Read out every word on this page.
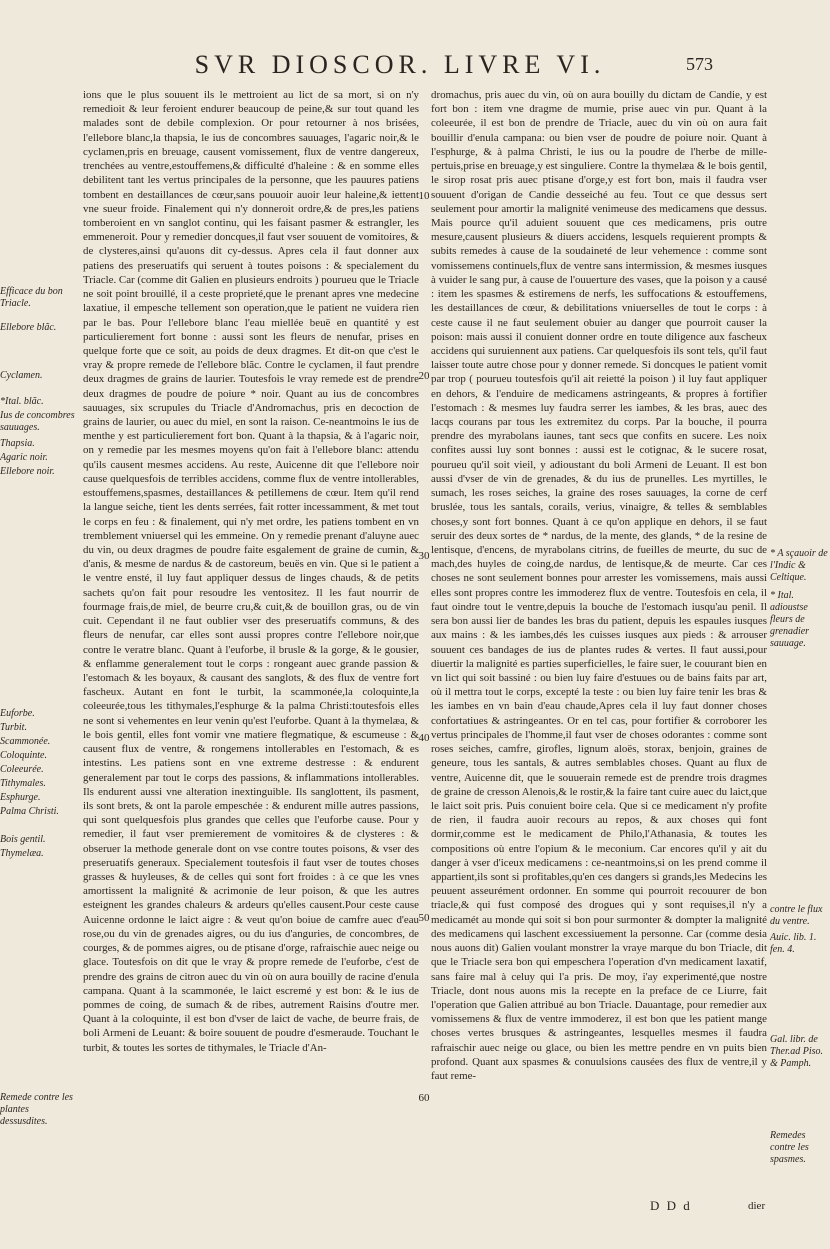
SVR DIOSCOR. LIVRE VI.	573
Efficace du bon Triacle.
Ellebore blãc.
Cyclamen.
*Ital. blãc.
Ius de concombres sauuages.
Thapsia.
Agaric noir.
Ellebore noir.
Euforbe.
Turbit.
Scammonée.
Coloquinte.
Coleeurée.
Tithymales.
Esphurge.
Palma Christi.
Bois gentil.
Thymelæa.
Remede contre les plantes dessusdites.

ions que le plus souuent ils le mettroient au lict de sa mort, si on n'y remedioit & leur feroient endurer beaucoup de peine,& sur tout quand les malades sont de debile complexion. Or pour retourner à nos brisées, l'ellebore blanc,la thapsia, le ius de concombres sauuages, l'agaric noir,& le cyclamen,pris en breuage, causent vomissement, flux de ventre dangereux, trenchées au ventre,estouffemens,& difficulté d'haleine : & en somme elles debilitent tant les vertus principales de la personne, que les pauures patiens tombent en destaillances de cœur,sans pouuoir auoir leur haleine,& iettent vne sueur froide. Finalement qui n'y donneroit ordre,& de pres,les patiens tomberoient en vn sanglot continu, qui les faisant pasmer & estrangler, les emmeneroit. Pour y remedier doncques,il faut vser souuent de vomitoires, & de clysteres,ainsi qu'auons dit cy-dessus. Apres cela il faut donner aux patiens des preseruatifs qui seruent à toutes poisons : & specialement du Triacle. Car (comme dit Galien en plusieurs endroits ) pourueu que le Triacle ne soit point brouillé, il a ceste proprieté,que le prenant apres vne medecine laxatiue, il empesche tellement son operation,que le patient ne vuidera rien par le bas. Pour l'ellebore blanc l'eau miellée beuë en quantité y est particulierement fort bonne : aussi sont les fleurs de nenufar, prises en quelque forte que ce soit, au poids de deux dragmes. Et dit-on que c'est le vray & propre remede de l'ellebore blãc. Contre le cyclamen, il faut prendre deux dragmes de grains de laurier. Toutesfois le vray remede est de prendre deux dragmes de poudre de poiure * noir. Quant au ius de concombres sauuages, six scrupules du Triacle d'Andromachus, pris en decoction de grains de laurier, ou auec du miel, en sont la raison. Ce-neantmoins le ius de menthe y est particulierement fort bon. Quant à la thapsia, & à l'agaric noir, on y remedie par les mesmes moyens qu'on fait à l'ellebore blanc: attendu qu'ils causent mesmes accidens. Au reste, Auicenne dit que l'ellebore noir cause quelquesfois de terribles accidens, comme flux de ventre intollerables, estouffemens,spasmes, destaillances & petillemens de cœur. Item qu'il rend la langue seiche, tient les dents serrées, fait rotter incessamment, & met tout le corps en feu : & finalement, qui n'y met ordre, les patiens tombent en vn tremblement vniuersel qui les emmeine. On y remedie prenant d'aluyne auec du vin, ou deux dragmes de poudre faite esgalement de graine de cumin, & d'anis, & mesme de nardus & de castoreum, beuës en vin. Que si le patient a le ventre ensté, il luy faut appliquer dessus de linges chauds, & de petits sachets qu'on fait pour resoudre les ventositez. Il les faut nourrir de fourmage frais,de miel, de beurre cru,& cuit,& de bouillon gras, ou de vin cuit. Cependant il ne faut oublier vser des preseruatifs communs, & des fleurs de nenufar, car elles sont aussi propres contre l'ellebore noir,que contre le veratre blanc. Quant à l'euforbe, il brusle & la gorge, & le gousier, & enflamme generalement tout le corps : rongeant auec grande passion & l'estomach & les boyaux, & causant des sanglots, & des flux de ventre fort fascheux. Autant en font le turbit, la scammonée,la coloquinte,la coleeurée,tous les tithymales,l'esphurge & la palma Christi:toutesfois elles ne sont si vehementes en leur venin qu'est l'euforbe. Quant à la thymelæa, & le bois gentil, elles font vomir vne matiere flegmatique, & escumeuse : & causent flux de ventre, & rongemens intollerables en l'estomach, & es intestins. Les patiens sont en vne extreme destresse : & endurent generalement par tout le corps des passions, & inflammations intollerables. Ils endurent aussi vne alteration inextinguible. Ils sanglottent, ils pasment, ils sont brets, & ont la parole empeschée : & endurent mille autres passions, qui sont quelquesfois plus grandes que celles que l'euforbe cause. Pour y remedier, il faut vser premierement de vomitoires & de clysteres : & obseruer la methode generale dont on vse contre toutes poisons, & vser des preseruatifs generaux. Specialement toutesfois il faut vser de toutes choses grasses & huyleuses, & de celles qui sont fort froides : à ce que les vnes amortissent la malignité & acrimonie de leur poison, & que les autres esteignent les grandes chaleurs & ardeurs qu'elles causent.Pour ceste cause Auicenne ordonne le laict aigre : & veut qu'on boiue de camfre auec d'eau rose,ou du vin de grenades aigres, ou du ius d'anguries, de concombres, de courges, & de pommes aigres, ou de ptisane d'orge, rafraischie auec neige ou glace. Toutesfois on dit que le vray & propre remede de l'euforbe, c'est de prendre des grains de citron auec du vin où on aura bouilly de racine d'enula campana. Quant à la scammonée, le laict escremé y est bon: & le ius de pommes de coing, de sumach & de ribes, autrement Raisins d'outre mer. Quant à la coloquinte, il est bon d'vser de laict de vache, de beurre frais, de boli Armeni de Leuant: & boire souuent de poudre d'esmeraude. Touchant le turbit, & toutes les sortes de tithymales, le Triacle d'An-

10
20
30
40
50
60

dromachus, pris auec du vin, où on aura bouilly du dictam de Candie, y est fort bon : item vne dragme de mumie, prise auec vin pur. Quant à la coleeurée, il est bon de prendre de Triacle, auec du vin où on aura fait bouillir d'enula campana: ou bien vser de poudre de poiure noir. Quant à l'esphurge, & à palma Christi, le ius ou la poudre de l'herbe de mille-pertuis,prise en breuage,y est singuliere. Contre la thymelæa & le bois gentil, le sirop rosat pris auec ptisane d'orge,y est fort bon, mais il faudra vser souuent d'origan de Candie desseiché au feu. Tout ce que dessus sert seulement pour amortir la malignité venimeuse des medicamens que dessus. Mais pource qu'il aduient souuent que ces medicamens, pris outre mesure,causent plusieurs & diuers accidens, lesquels requierent prompts & subits remedes à cause de la soudaineté de leur vehemence : comme sont vomissemens continuels,flux de ventre sans intermission, & mesmes iusques à vuider le sang pur, à cause de l'ouuerture des vases, que la poison y a causé : item les spasmes & estiremens de nerfs, les suffocations & estouffemens, les destaillances de cœur, & debilitations vniuerselles de tout le corps : à ceste cause il ne faut seulement obuier au danger que pourroit causer la poison: mais aussi il conuient donner ordre en toute diligence aux fascheux accidens qui suruiennent aux patiens. Car quelquesfois ils sont tels, qu'il faut laisser toute autre chose pour y donner remede. Si doncques le patient vomit par trop ( pourueu toutesfois qu'il ait reietté la poison ) il luy faut appliquer en dehors, & l'enduire de medicamens astringeants, & propres à fortifier l'estomach : & mesmes luy faudra serrer les iambes, & les bras, auec des lacqs courans par tous les extremitez du corps. Par la bouche, il pourra prendre des myrabolans iaunes, tant secs que confits en sucere. Les noix confites aussi luy sont bonnes : aussi est le cotignac, & le sucere rosat, pourueu qu'il soit vieil, y adioustant du boli Armeni de Leuant. Il est bon aussi d'vser de vin de grenades, & du ius de prunelles. Les myrtilles, le sumach, les roses seiches, la graine des roses sauuages, la corne de cerf bruslée, tous les santals, corails, verius, vinaigre, & telles & semblables choses,y sont fort bonnes. Quant à ce qu'on applique en dehors, il se faut seruir des deux sortes de * nardus, de la mente, des glands, * de la resine de lentisque, d'encens, de myrabolans citrins, de fueilles de meurte, du suc de mach,des huyles de coing,de nardus, de lentisque,& de meurte. Car ces choses ne sont seulement bonnes pour arrester les vomissemens, mais aussi elles sont propres contre les immoderez flux de ventre. Toutesfois en cela, il faut oindre tout le ventre,depuis la bouche de l'estomach iusqu'au penil. Il sera bon aussi lier de bandes les bras du patient, depuis les espaules iusques aux mains : & les iambes,dés les cuisses iusques aux pieds : & arrouser souuent ces bandages de ius de plantes rudes & vertes. Il faut aussi,pour diuertir la malignité es parties superficielles, le faire suer, le couurant bien en vn lict qui soit bassiné : ou bien luy faire d'estuues ou de bains faits par art, où il mettra tout le corps, excepté la teste : ou bien luy faire tenir les bras & les iambes en vn bain d'eau chaude,Apres cela il luy faut donner choses confortatiues & astringeantes. Or en tel cas, pour fortifier & corroborer les vertus principales de l'homme,il faut vser de choses odorantes : comme sont roses seiches, camfre, girofles, lignum aloës, storax, benjoin, graines de geneure, tous les santals, & autres semblables choses. Quant au flux de ventre, Auicenne dit, que le souuerain remede est de prendre trois dragmes de graine de cresson Alenois,& le rostir,& la faire tant cuire auec du laict,que le laict soit pris. Puis conuient boire cela. Que si ce medicament n'y profite de rien, il faudra auoir recours au repos, & aux choses qui font dormir,comme est le medicament de Philo,l'Athanasia, & toutes les compositions où entre l'opium & le meconium. Car encores qu'il y ait du danger à vser d'iceux medicamens : ce-neantmoins,si on les prend comme il appartient,ils sont si profitables,qu'en ces dangers si grands,les Medecins les peuuent asseurément ordonner. En somme qui pourroit recouurer de bon triacle,& qui fust composé des drogues qui y sont requises,il n'y a medicamét au monde qui soit si bon pour surmonter & dompter la malignité des medicamens qui laschent excessiuement la personne. Car (comme desia nous auons dit) Galien voulant monstrer la vraye marque du bon Triacle, dit que le Triacle sera bon qui empeschera l'operation d'vn medicament laxatif, sans faire mal à celuy qui l'a pris. De moy, i'ay experimenté,que nostre Triacle, dont nous auons mis la recepte en la preface de ce Liurre, fait l'operation que Galien attribué au bon Triacle. Dauantage, pour remedier aux vomissemens & flux de ventre immoderez, il est bon que les patient mange choses vertes brusques & astringeantes, lesquelles mesmes il faudra rafraischir auec neige ou glace, ou bien les mettre pendre en vn puits bien profond. Quant aux spasmes & conuulsions causées des flux de ventre,il y faut reme-

* A sçauoir de l'Indic & Celtique.
* Ital. adioustse fleurs de grenadier sauuage.
contre le flux du ventre.
Auic. lib. 1. fen. 4.
Gal. libr. de Ther.ad Piso. & Pamph.
Remedes contre les spasmes.
D D d	dier
